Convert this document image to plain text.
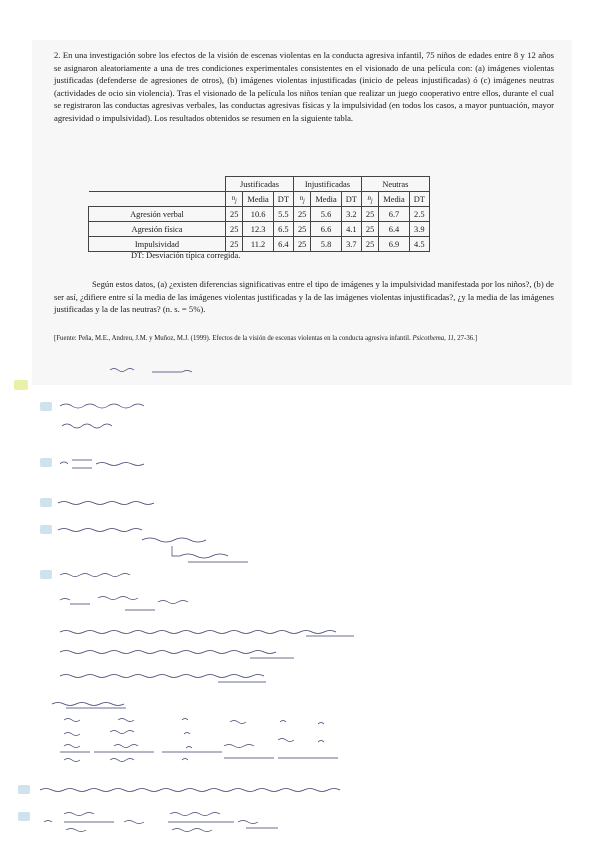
2. En una investigación sobre los efectos de la visión de escenas violentas en la conducta agresiva infantil, 75 niños de edades entre 8 y 12 años se asignaron aleatoriamente a una de tres condiciones experimentales consistentes en el visionado de una película con: (a) imágenes violentas justificadas (defenderse de agresiones de otros), (b) imágenes violentas injustificadas (inicio de peleas injustificadas) ó (c) imágenes neutras (actividades de ocio sin violencia). Tras el visionado de la película los niños tenían que realizar un juego cooperativo entre ellos, durante el cual se registraron las conductas agresivas verbales, las conductas agresivas físicas y la impulsividad (en todos los casos, a mayor puntuación, mayor agresividad o impulsividad). Los resultados obtenidos se resumen en la siguiente tabla.

	Justificadas			Injustificadas			Neutras		
	$n_j$	Media	DT	$n_j$	Media	DT	$n_j$	Media	DT
Agresión verbal	25	10.6	5.5	25	5.6	3.2	25	6.7	2.5
Agresión física	25	12.3	6.5	25	6.6	4.1	25	6.4	3.9
Impulsividad	25	11.2	6.4	25	5.8	3.7	25	6.9	4.5
DT: Desviación típica corregida.

Según estos datos, (a) ¿existen diferencias significativas entre el tipo de imágenes y la impulsividad manifestada por los niños?, (b) de ser así, ¿difiere entre sí la media de las imágenes violentas justificadas y la de las imágenes violentas injustificadas?, ¿y la media de las imágenes justificadas y la de las neutras? (n. s. = 5%).

[Fuente: Peña, M.E., Andreu, J.M. y Muñoz, M.J. (1999). Efectos de la visión de escenas violentas en la conducta agresiva infantil. Psicothema, 11, 27-36.]
